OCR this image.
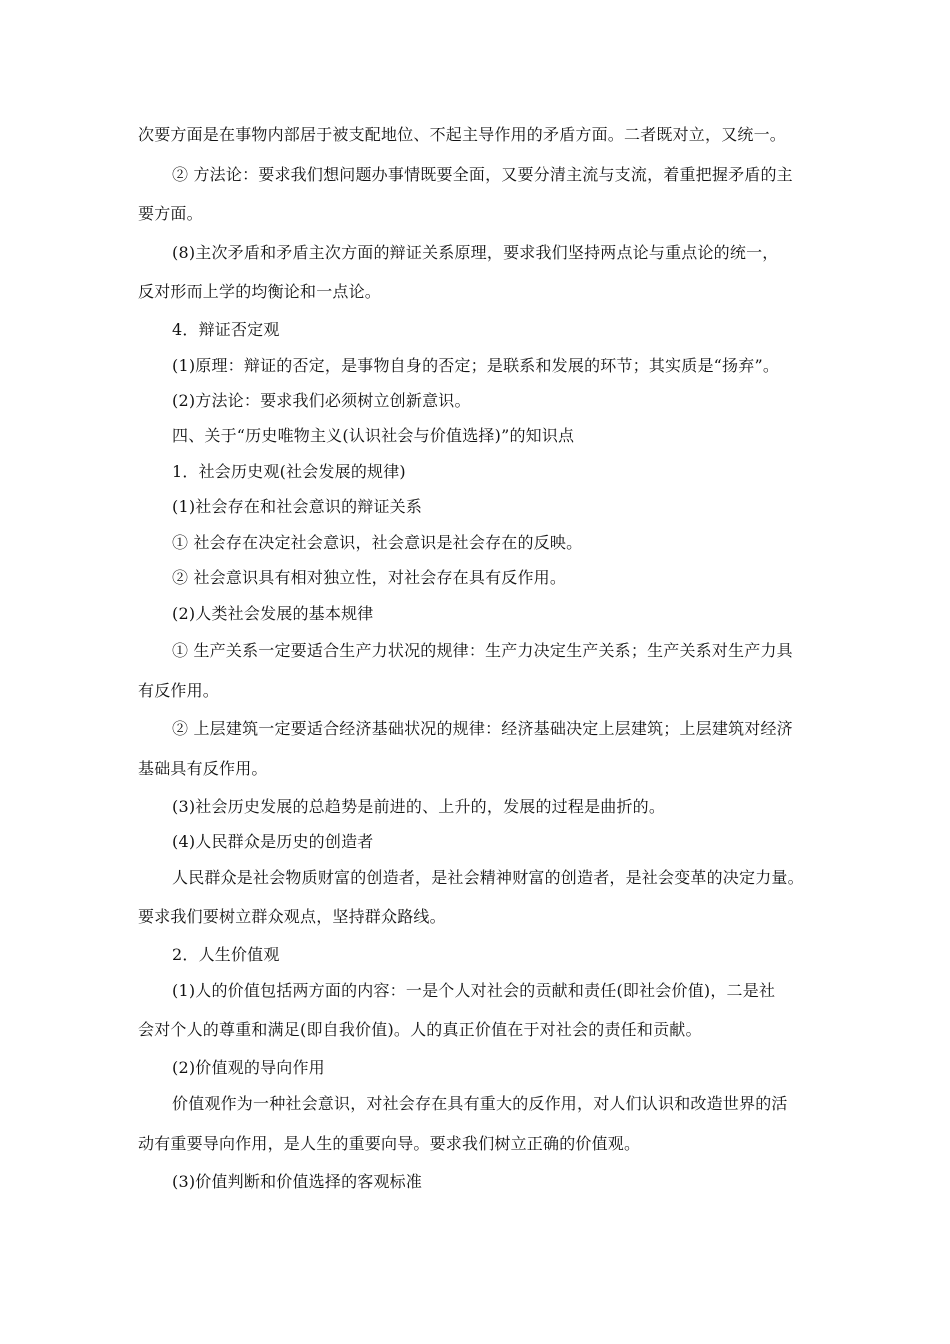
次要方面是在事物内部居于被支配地位、不起主导作用的矛盾方面。二者既对立，又统一。
② 方法论：要求我们想问题办事情既要全面，又要分清主流与支流，着重把握矛盾的主
要方面。
(8)主次矛盾和矛盾主次方面的辩证关系原理，要求我们坚持两点论与重点论的统一，
反对形而上学的均衡论和一点论。
4．辩证否定观
(1)原理：辩证的否定，是事物自身的否定；是联系和发展的环节；其实质是“扬弃”。
(2)方法论：要求我们必须树立创新意识。
四、关于“历史唯物主义(认识社会与价值选择)”的知识点
1．社会历史观(社会发展的规律)
(1)社会存在和社会意识的辩证关系
① 社会存在决定社会意识，社会意识是社会存在的反映。
② 社会意识具有相对独立性，对社会存在具有反作用。
(2)人类社会发展的基本规律
① 生产关系一定要适合生产力状况的规律：生产力决定生产关系；生产关系对生产力具
有反作用。
② 上层建筑一定要适合经济基础状况的规律：经济基础决定上层建筑；上层建筑对经济
基础具有反作用。
(3)社会历史发展的总趋势是前进的、上升的，发展的过程是曲折的。
(4)人民群众是历史的创造者
人民群众是社会物质财富的创造者，是社会精神财富的创造者，是社会变革的决定力量。
要求我们要树立群众观点，坚持群众路线。
2．人生价值观
(1)人的价值包括两方面的内容：一是个人对社会的贡献和责任(即社会价值)，二是社
会对个人的尊重和满足(即自我价值)。人的真正价值在于对社会的责任和贡献。
(2)价值观的导向作用
价值观作为一种社会意识，对社会存在具有重大的反作用，对人们认识和改造世界的活
动有重要导向作用，是人生的重要向导。要求我们树立正确的价值观。
(3)价值判断和价值选择的客观标准
